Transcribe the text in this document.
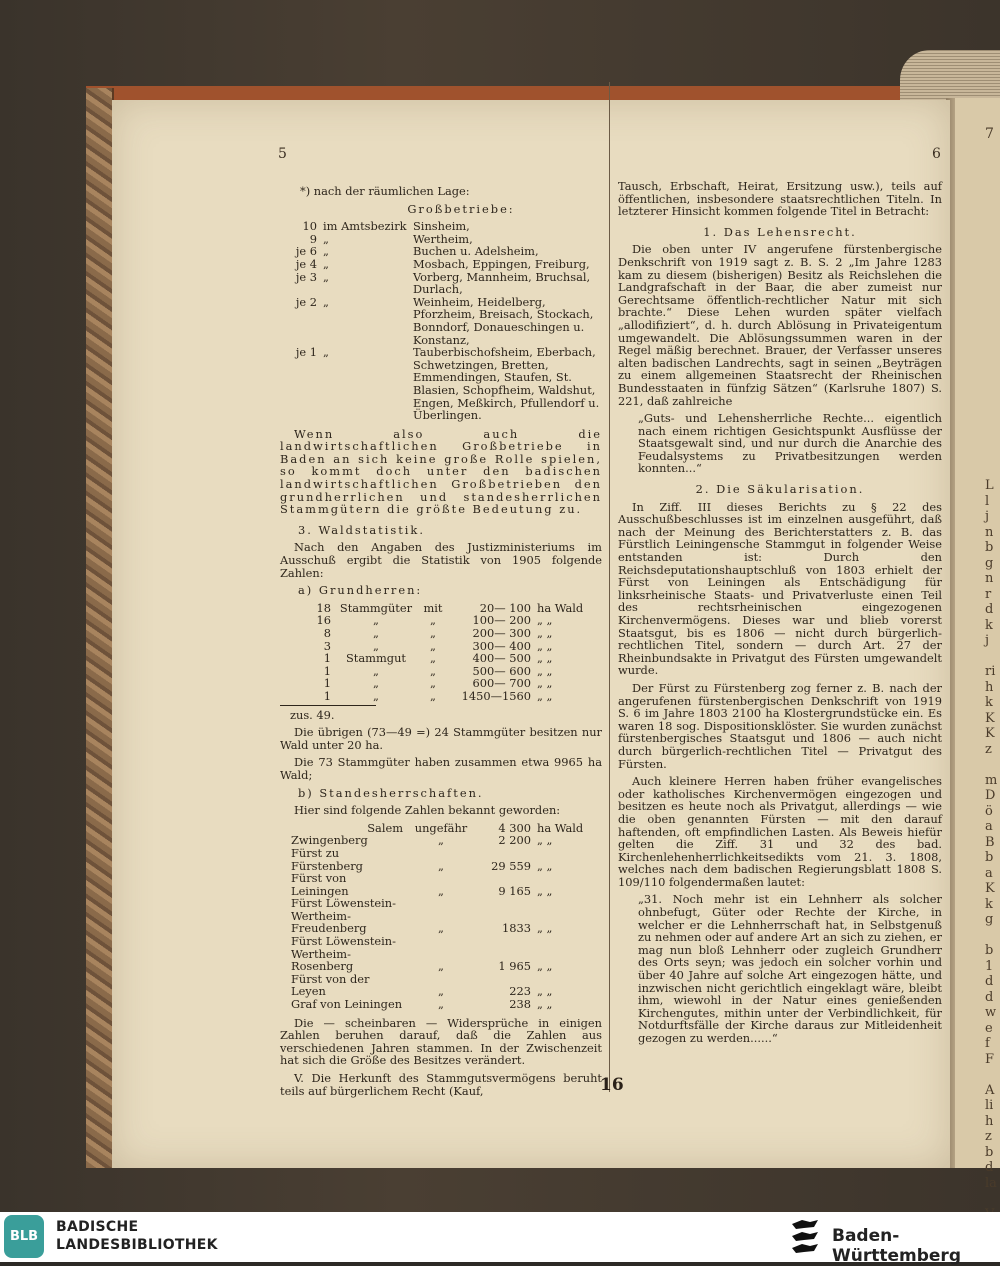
7
L
l
j
n
b
g
n
r
d
k
j
ri
h
k
K
K
z
m
D
ö
a
B
b
a
K
k
g
b
1
d
d
w
e
f
F
A
li
h
z
b
d
la
5	6

*) nach der räumlichen Lage:

Großbetriebe:

10	im Amtsbezirk	Sinsheim,
9	„	Wertheim,
je 6	„	Buchen u. Adelsheim,
je 4	„	Mosbach, Eppingen, Freiburg,
je 3	„	Vorberg, Mannheim, Bruchsal, Durlach,
je 2	„	Weinheim, Heidelberg, Pforzheim, Breisach, Stockach, Bonndorf, Donaueschingen u. Konstanz,
je 1	„	Tauberbischofsheim, Eberbach, Schwetzingen, Bretten, Emmendingen, Staufen, St. Blasien, Schopfheim, Waldshut, Engen, Meßkirch, Pfullendorf u. Überlingen.

Wenn also auch die landwirtschaftlichen Großbetriebe in Baden an sich keine große Rolle spielen, so kommt doch unter den badischen landwirtschaftlichen Großbetrieben den grundherrlichen und standesherrlichen Stammgütern die größte Bedeutung zu.

3. Waldstatistik.

Nach den Angaben des Justizministeriums im Ausschuß ergibt die Statistik von 1905 folgende Zahlen:

a) Grundherren:

18	Stammgüter	mit	20— 100	ha Wald
16	„	„	100— 200	„ „
8	„	„	200— 300	„ „
3	„	„	300— 400	„ „
1	Stammgut	„	400— 500	„ „
1	„	„	500— 600	„ „
1	„	„	600— 700	„ „
1	„	„	1450—1560	„ „

zus. 49.

Die übrigen (73—49 =) 24 Stammgüter besitzen nur Wald unter 20 ha.

Die 73 Stammgüter haben zusammen etwa 9965 ha Wald;

b) Standesherrschaften.

Hier sind folgende Zahlen bekannt geworden:

Salem	ungefähr	4 300	ha Wald
Zwingenberg	„	2 200	„ „
Fürst zu Fürstenberg	„	29 559	„ „
Fürst von Leiningen	„	9 165	„ „
Fürst Löwenstein-Wertheim-Freudenberg	„	1833	„ „
Fürst Löwenstein-Wertheim-Rosenberg	„	1 965	„ „
Fürst von der Leyen	„	223	„ „
Graf von Leiningen	„	238	„ „

Die — scheinbaren — Widersprüche in einigen Zahlen beruhen darauf, daß die Zahlen aus verschiedenen Jahren stammen. In der Zwischenzeit hat sich die Größe des Besitzes verändert.

V. Die Herkunft des Stammgutsvermögens beruht teils auf bürgerlichem Recht (Kauf,

Tausch, Erbschaft, Heirat, Ersitzung usw.), teils auf öffentlichen, insbesondere staatsrechtlichen Titeln. In letzterer Hinsicht kommen folgende Titel in Betracht:

1. Das Lehensrecht.

Die oben unter IV angerufene fürstenbergische Denkschrift von 1919 sagt z. B. S. 2 „Im Jahre 1283 kam zu diesem (bisherigen) Besitz als Reichslehen die Landgrafschaft in der Baar, die aber zumeist nur Gerechtsame öffentlich-rechtlicher Natur mit sich brachte.“ Diese Lehen wurden später vielfach „allodifiziert“, d. h. durch Ablösung in Privateigentum umgewandelt. Die Ablösungssummen waren in der Regel mäßig berechnet. Brauer, der Verfasser unseres alten badischen Landrechts, sagt in seinen „Beyträgen zu einem allgemeinen Staatsrecht der Rheinischen Bundesstaaten in fünfzig Sätzen“ (Karlsruhe 1807) S. 221, daß zahlreiche

„Guts- und Lehensherrliche Rechte... eigentlich nach einem richtigen Gesichtspunkt Ausflüsse der Staatsgewalt sind, und nur durch die Anarchie des Feudalsystems zu Privatbesitzungen werden konnten...“

2. Die Säkularisation.

In Ziff. III dieses Berichts zu § 22 des Ausschußbeschlusses ist im einzelnen ausgeführt, daß nach der Meinung des Berichterstatters z. B. das Fürstlich Leiningensche Stammgut in folgender Weise entstanden ist: Durch den Reichsdeputationshauptschluß von 1803 erhielt der Fürst von Leiningen als Entschädigung für linksrheinische Staats- und Privatverluste einen Teil des rechtsrheinischen eingezogenen Kirchenvermögens. Dieses war und blieb vorerst Staatsgut, bis es 1806 — nicht durch bürgerlich-rechtlichen Titel, sondern — durch Art. 27 der Rheinbundsakte in Privatgut des Fürsten umgewandelt wurde.

Der Fürst zu Fürstenberg zog ferner z. B. nach der angerufenen fürstenbergischen Denkschrift von 1919 S. 6 im Jahre 1803 2100 ha Klostergrundstücke ein. Es waren 18 sog. Dispositionsklöster. Sie wurden zunächst fürstenbergisches Staatsgut und 1806 — auch nicht durch bürgerlich-rechtlichen Titel — Privatgut des Fürsten.

Auch kleinere Herren haben früher evangelisches oder katholisches Kirchenvermögen eingezogen und besitzen es heute noch als Privatgut, allerdings — wie die oben genannten Fürsten — mit den darauf haftenden, oft empfindlichen Lasten. Als Beweis hiefür gelten die Ziff. 31 und 32 des bad. Kirchenlehenherrlichkeitsedikts vom 21. 3. 1808, welches nach dem badischen Regierungsblatt 1808 S. 109/110 folgendermaßen lautet:

„31. Noch mehr ist ein Lehnherr als solcher ohnbefugt, Güter oder Rechte der Kirche, in welcher er die Lehnherrschaft hat, in Selbstgenuß zu nehmen oder auf andere Art an sich zu ziehen, er mag nun bloß Lehnherr oder zugleich Grundherr des Orts seyn; was jedoch ein solcher vorhin und über 40 Jahre auf solche Art eingezogen hätte, und inzwischen nicht gerichtlich eingeklagt wäre, bleibt ihm, wiewohl in der Natur eines genießenden Kirchengutes, mithin unter der Verbindlichkeit, für Notdurftsfälle der Kirche daraus zur Mitleidenheit gezogen zu werden......“

16
BLB
BADISCHE
LANDESBIBLIOTHEK	Baden-Württemberg
